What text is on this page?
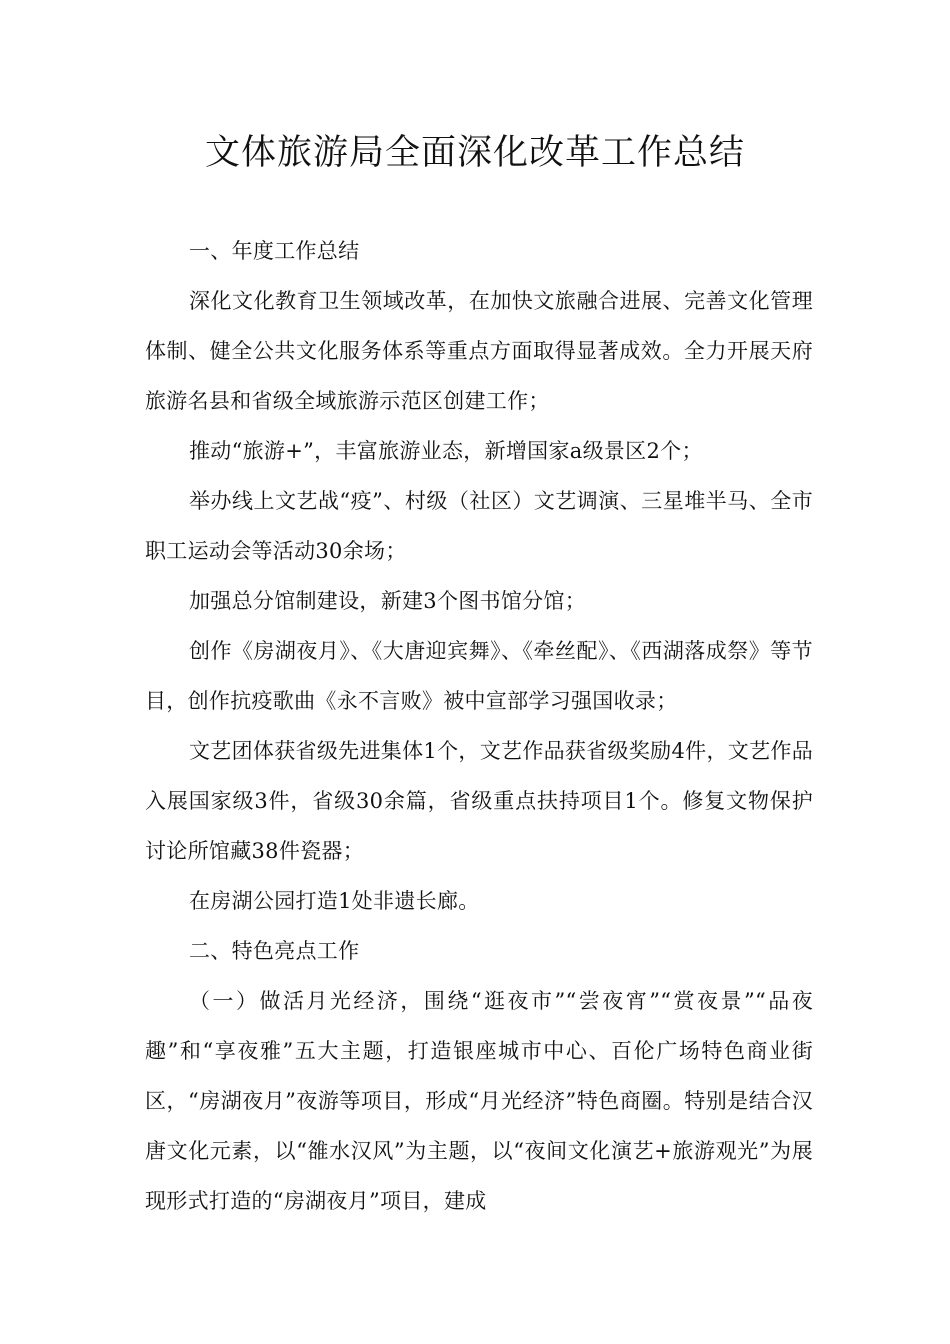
文体旅游局全面深化改革工作总结

一、年度工作总结

深化文化教育卫生领域改革，在加快文旅融合进展、完善文化管理体制、健全公共文化服务体系等重点方面取得显著成效。全力开展天府旅游名县和省级全域旅游示范区创建工作；

推动“旅游+”，丰富旅游业态，新增国家a级景区2个；

举办线上文艺战“疫”、村级（社区）文艺调演、三星堆半马、全市职工运动会等活动30余场；

加强总分馆制建设，新建3个图书馆分馆；

创作《房湖夜月》、《大唐迎宾舞》、《牵丝配》、《西湖落成祭》等节目，创作抗疫歌曲《永不言败》被中宣部学习强国收录；

文艺团体获省级先进集体1个，文艺作品获省级奖励4件，文艺作品入展国家级3件，省级30余篇，省级重点扶持项目1个。修复文物保护讨论所馆藏38件瓷器；

在房湖公园打造1处非遗长廊。

二、特色亮点工作

（一）做活月光经济，围绕“逛夜市”“尝夜宵”“赏夜景”“品夜趣”和“享夜雅”五大主题，打造银座城市中心、百伦广场特色商业街区，“房湖夜月”夜游等项目，形成“月光经济”特色商圈。特别是结合汉唐文化元素，以“雒水汉风”为主题，以“夜间文化演艺+旅游观光”为展现形式打造的“房湖夜月”项目，建成
